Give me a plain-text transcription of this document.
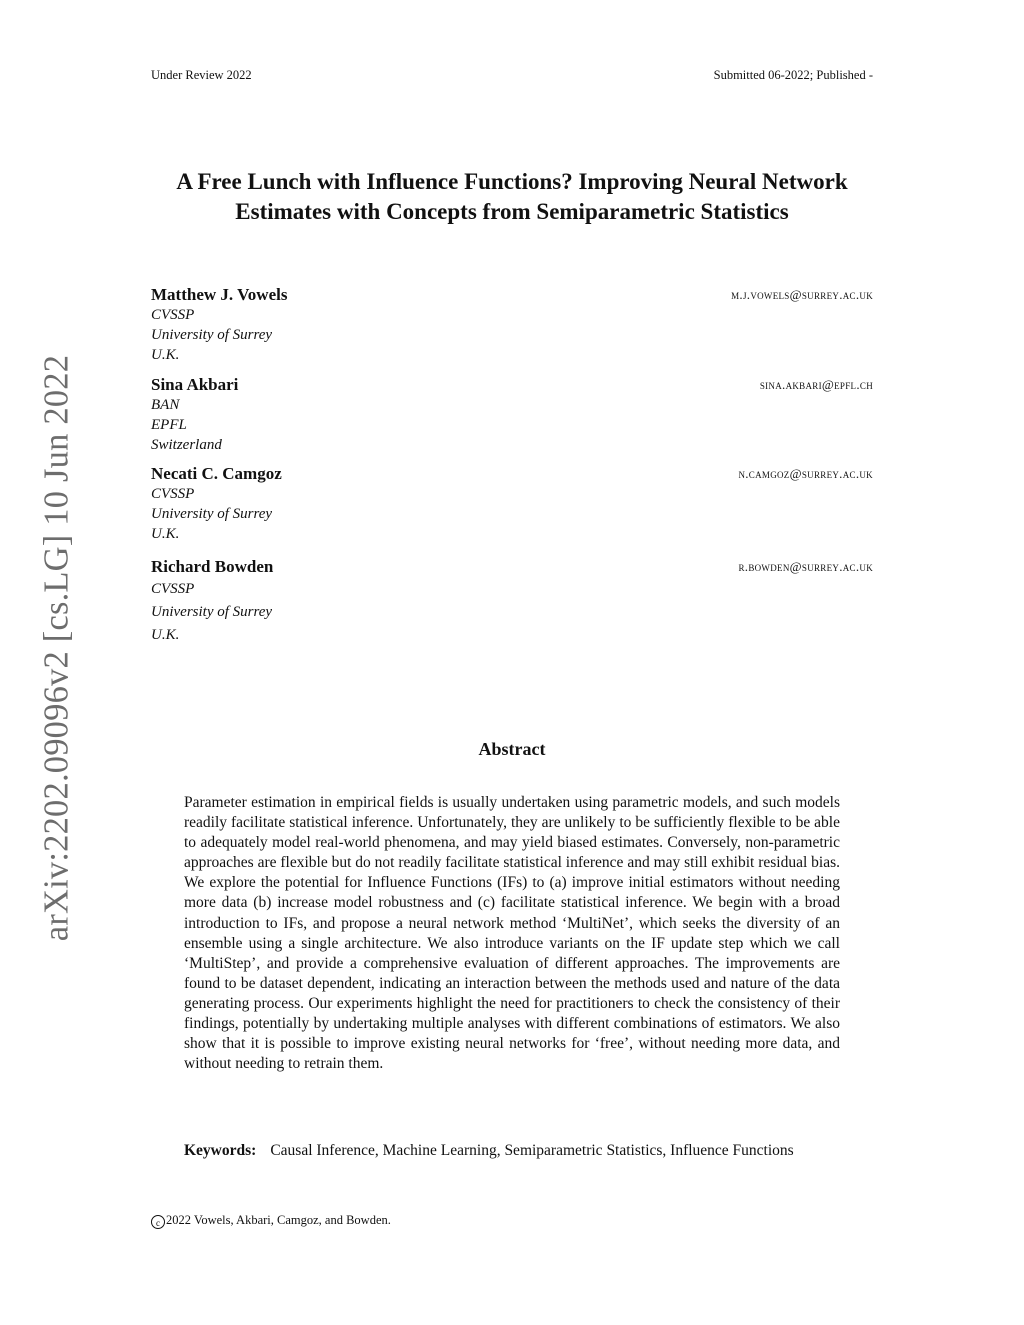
Under Review 2022	Submitted 06-2022; Published -
arXiv:2202.09096v2 [cs.LG] 10 Jun 2022
A Free Lunch with Influence Functions? Improving Neural Network Estimates with Concepts from Semiparametric Statistics
Matthew J. Vowels	m.j.vowels@surrey.ac.uk
CVSSP
University of Surrey
U.K.
Sina Akbari	sina.akbari@epfl.ch
BAN
EPFL
Switzerland
Necati C. Camgoz	n.camgoz@surrey.ac.uk
CVSSP
University of Surrey
U.K.
Richard Bowden	r.bowden@surrey.ac.uk
CVSSP
University of Surrey
U.K.
Abstract
Parameter estimation in empirical fields is usually undertaken using parametric models, and such models readily facilitate statistical inference. Unfortunately, they are unlikely to be sufficiently flexible to be able to adequately model real-world phenomena, and may yield biased estimates. Conversely, non-parametric approaches are flexible but do not readily facilitate statistical inference and may still exhibit residual bias. We explore the potential for Influence Functions (IFs) to (a) improve initial estimators without needing more data (b) increase model robustness and (c) facilitate statistical inference. We begin with a broad introduction to IFs, and propose a neural network method ‘MultiNet’, which seeks the diversity of an ensemble using a single architecture. We also introduce variants on the IF update step which we call ‘MultiStep’, and provide a comprehensive evaluation of different approaches. The improvements are found to be dataset dependent, indicating an interaction between the methods used and nature of the data generating process. Our experiments highlight the need for practitioners to check the consistency of their findings, potentially by undertaking multiple analyses with different combinations of estimators. We also show that it is possible to improve existing neural networks for ‘free’, without needing more data, and without needing to retrain them.
Keywords: Causal Inference, Machine Learning, Semiparametric Statistics, Influence Functions
c 2022 Vowels, Akbari, Camgoz, and Bowden.
